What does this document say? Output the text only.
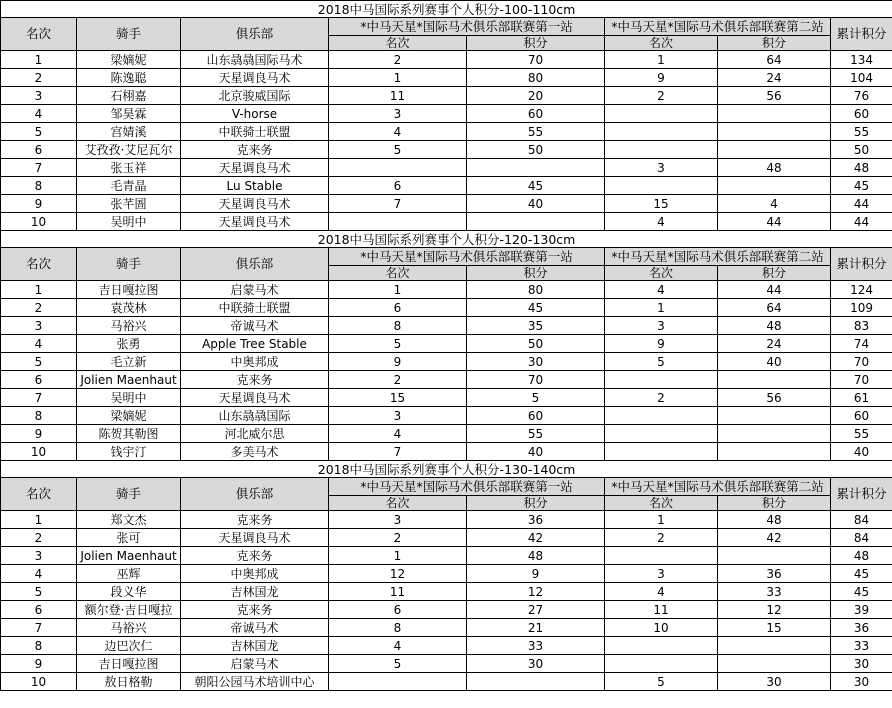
2018中马国际系列赛事个人积分-100-110cm							
名次	骑手	俱乐部	*中马天星*国际马术俱乐部联赛第一站		*中马天星*国际马术俱乐部联赛第二站		累计积分
			名次	积分	名次	积分	
1	梁嫡妮	山东骉骉国际马术	2	70	1	64	134
2	陈逸聪	天星调良马术	1	80	9	24	104
3	石栩嘉	北京骏威国际	11	20	2	56	76
4	邹昊霖	V-horse	3	60			60
5	宫婧溪	中联骑士联盟	4	55			55
6	艾孜孜·艾尼瓦尔	克来务	5	50			50
7	张玉祥	天星调良马术			3	48	48
8	毛青晶	Lu Stable	6	45			45
9	张芊圄	天星调良马术	7	40	15	4	44
10	吴明中	天星调良马术			4	44	44
2018中马国际系列赛事个人积分-120-130cm							
名次	骑手	俱乐部	*中马天星*国际马术俱乐部联赛第一站		*中马天星*国际马术俱乐部联赛第二站		累计积分
			名次	积分	名次	积分	
1	吉日嘎拉图	启蒙马术	1	80	4	44	124
2	袁茂林	中联骑士联盟	6	45	1	64	109
3	马裕兴	帝诚马术	8	35	3	48	83
4	张勇	Apple Tree Stable	5	50	9	24	74
5	毛立新	中奥邦成	9	30	5	40	70
6	Jolien Maenhaut	克来务	2	70			70
7	吴明中	天星调良马术	15	5	2	56	61
8	梁嫡妮	山东骉骉国际	3	60			60
9	陈贺其勒图	河北威尔思	4	55			55
10	钱宇汀	多美马术	7	40			40
2018中马国际系列赛事个人积分-130-140cm							
名次	骑手	俱乐部	*中马天星*国际马术俱乐部联赛第一站		*中马天星*国际马术俱乐部联赛第二站		累计积分
			名次	积分	名次	积分	
1	郑文杰	克来务	3	36	1	48	84
2	张可	天星调良马术	2	42	2	42	84
3	Jolien Maenhaut	克来务	1	48			48
4	巫辉	中奥邦成	12	9	3	36	45
5	段义华	吉林国龙	11	12	4	33	45
6	额尔登·吉日嘎拉	克来务	6	27	11	12	39
7	马裕兴	帝诚马术	8	21	10	15	36
8	边巴次仁	吉林国龙	4	33			33
9	吉日嘎拉图	启蒙马术	5	30			30
10	敖日格勒	朝阳公园马术培训中心			5	30	30
